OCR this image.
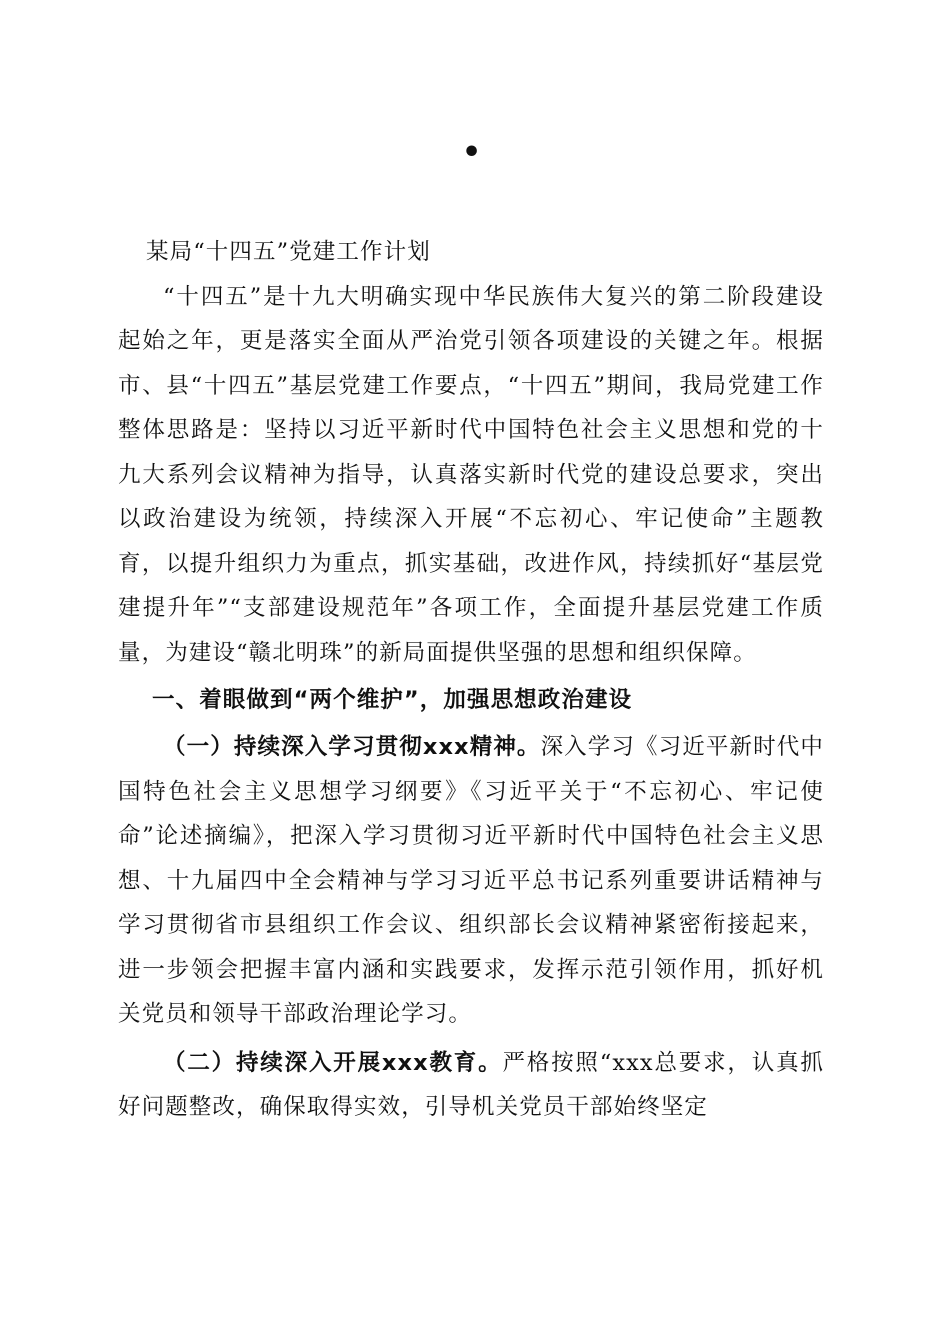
•
某局“十四五”党建工作计划

“十四五”是十九大明确实现中华民族伟大复兴的第二阶段建设起始之年，更是落实全面从严治党引领各项建设的关键之年。根据市、县“十四五”基层党建工作要点，“十四五”期间，我局党建工作整体思路是：坚持以习近平新时代中国特色社会主义思想和党的十九大系列会议精神为指导，认真落实新时代党的建设总要求，突出以政治建设为统领，持续深入开展“不忘初心、牢记使命”主题教育，以提升组织力为重点，抓实基础，改进作风，持续抓好“基层党建提升年”“支部建设规范年”各项工作，全面提升基层党建工作质量，为建设“赣北明珠”的新局面提供坚强的思想和组织保障。

一、着眼做到“两个维护”，加强思想政治建设

（一）持续深入学习贯彻xxx精神。深入学习《习近平新时代中国特色社会主义思想学习纲要》《习近平关于“不忘初心、牢记使命”论述摘编》，把深入学习贯彻习近平新时代中国特色社会主义思想、十九届四中全会精神与学习习近平总书记系列重要讲话精神与学习贯彻省市县组织工作会议、组织部长会议精神紧密衔接起来，进一步领会把握丰富内涵和实践要求，发挥示范引领作用，抓好机关党员和领导干部政治理论学习。

（二）持续深入开展xxx教育。严格按照“xxx总要求，认真抓好问题整改，确保取得实效，引导机关党员干部始终坚定
